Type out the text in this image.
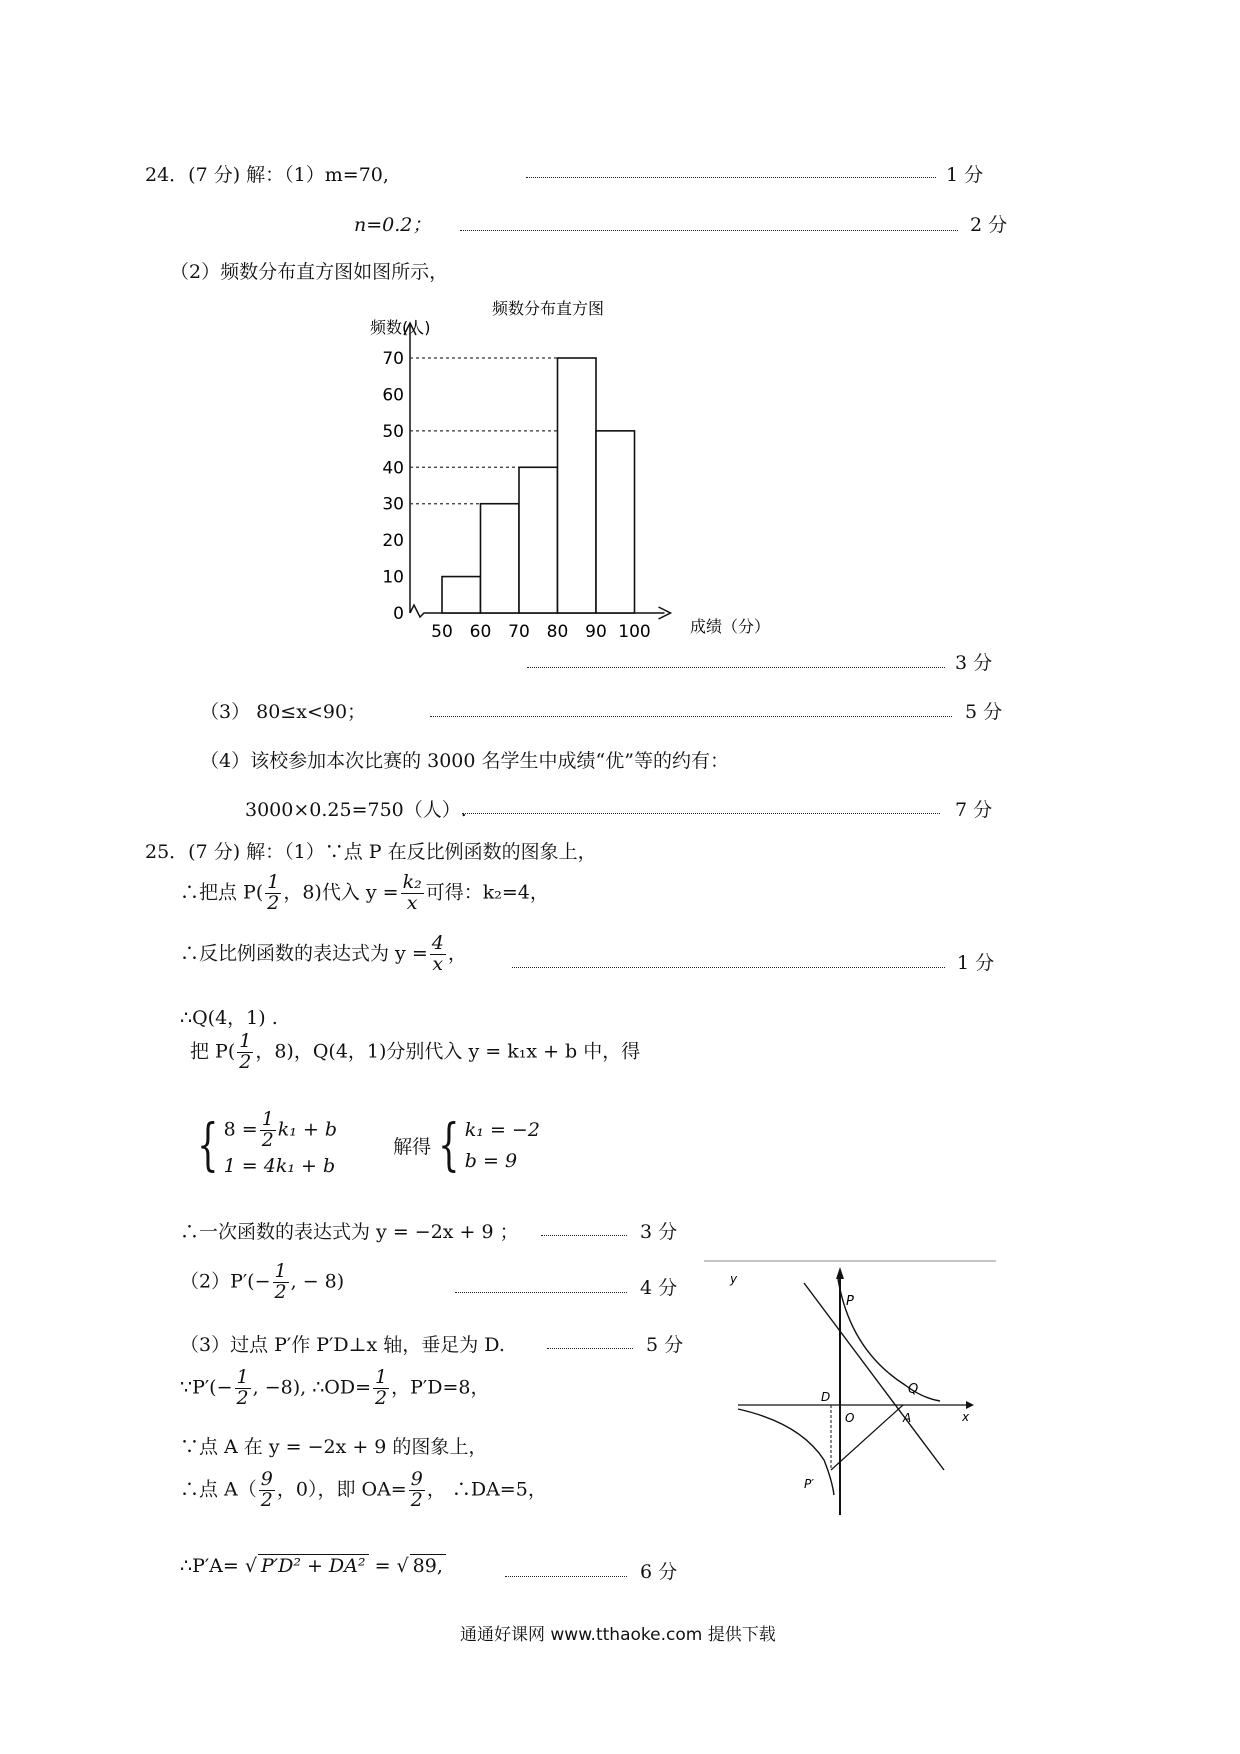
24．(7 分) 解：（1）m=70,	1 分
n=0.2；	2 分
（2）频数分布直方图如图所示，
频数分布直方图
频数(人)
成绩（分）
0
10
20
30
40
50
60
70
50 60 70 80 90 100
3 分
（3） 80≤x<90；	5 分
（4）该校参加本次比赛的 3000 名学生中成绩“优”等的约有：
3000×0.25=750（人）.	7 分
25．(7 分) 解：（1）∵点 P 在反比例函数的图象上，
∴把点 $P( \frac{1}{2}$ ，8)代入 $y = \frac{\text{k₂}}{x}$ 可得：k₂=4，
∴反比例函数的表达式为 $y = \frac{4}{x}$ ，	1 分
∴Q(4，1) .
把 $P( \frac{1}{2}$ ，8)，Q(4，1)分别代入 y = k₁x + b 中，得
{ $8 = \frac{1}{2} k_1 + b$
1 = 4k₁ + b
解得 { k₁ = −2
b = 9
∴一次函数的表达式为 y = −2x + 9 ；	3 分
$(2)P'(- \frac{1}{2}$ , − 8)	4 分
（3）过点 P′作 P′D⊥x 轴，垂足为 D.	5 分
∵P′(− $\frac{1}{2}$ , −8), ∴OD= $\frac{1}{2}$ ，P′D=8，
∵点 A 在 y = −2x + 9 的图象上，
∴点 $A( \frac{9}{2}$ ，0），即 $OA= \frac{9}{2}$ ， ∴DA=5，
∴P′A= √ P′D² + DA² = √ 89,	6 分
y
x
P
Q
O	A
D
P′
通通好课网 www.tthaoke.com 提供下载
